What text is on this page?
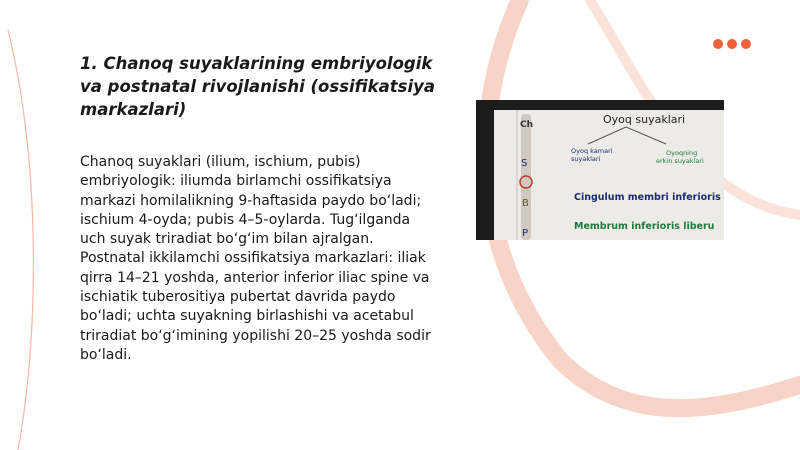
1. Chanoq suyaklarining embriyologik va postnatal rivojlanishi (ossifikatsiya markazlari)

Chanoq suyaklari (ilium, ischium, pubis) embriyologik: iliumda birlamchi ossifikatsiya markazi homilalikning 9-haftasida paydo bo‘ladi; ischium 4-oyda; pubis 4–5-oylarda. Tug‘ilganda uch suyak triradiat bo‘g‘im bilan ajralgan. Postnatal ikkilamchi ossifikatsiya markazlari: iliak qirra 14–21 yoshda, anterior inferior iliac spine va ischiatik tuberositiya pubertat davrida paydo bo‘ladi; uchta suyakning birlashishi va acetabul triradiat bo‘g‘imining yopilishi 20–25 yoshda sodir bo‘ladi.

Ch
S
B
P
Oyoq suyaklari
Oyoq kamari suyaklari
Oyoqning erkin suyaklari
Cingulum membri inferioris
Membrum inferioris liberu
